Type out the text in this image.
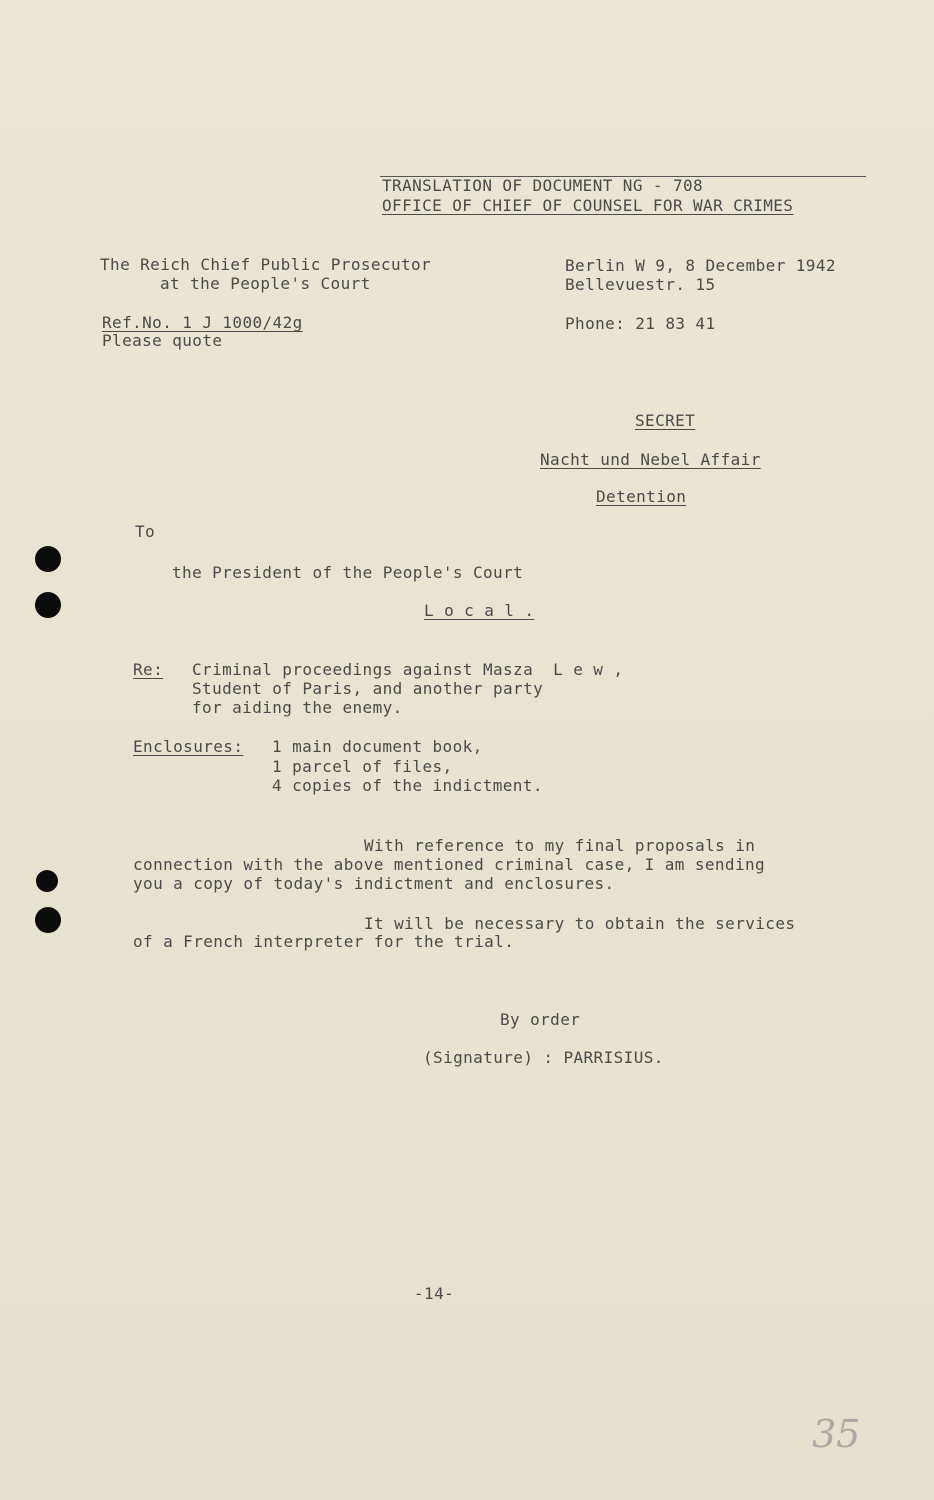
TRANSLATION OF DOCUMENT NG - 708
OFFICE OF CHIEF OF COUNSEL FOR WAR CRIMES
The Reich Chief Public Prosecutor
at the People's Court
Ref.No. 1 J 1000/42g
Please quote
Berlin W 9, 8 December 1942
Bellevuestr. 15
Phone: 21 83 41
SECRET
Nacht und Nebel Affair
Detention
To
the President of the People's Court
L o c a l .
Re: Criminal proceedings against Masza  L e w ,
Student of Paris, and another party
for aiding the enemy.
Enclosures: 1 main document book,
1 parcel of files,
4 copies of the indictment.
With reference to my final proposals in
connection with the above mentioned criminal case, I am sending
you a copy of today's indictment and enclosures.
It will be necessary to obtain the services
of a French interpreter for the trial.
By order
(Signature) : PARRISIUS.
-14-
35
